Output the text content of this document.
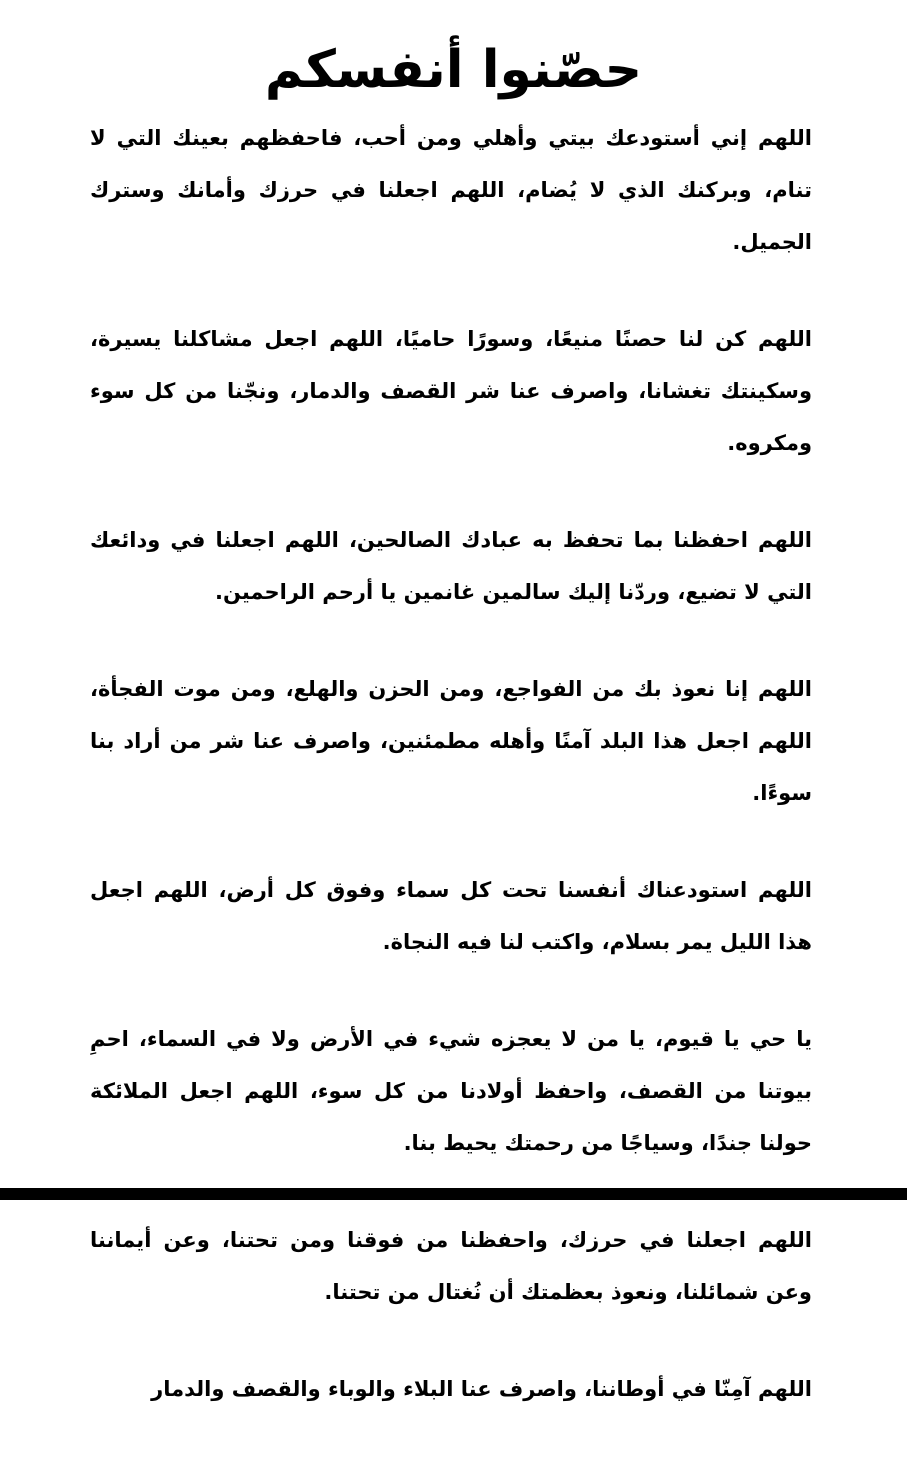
حصّنوا أنفسكم

اللهم إني أستودعك بيتي وأهلي ومن أحب، فاحفظهم بعينك التي لا تنام، وبركنك الذي لا يُضام، اللهم اجعلنا في حرزك وأمانك وسترك الجميل.

اللهم كن لنا حصنًا منيعًا، وسورًا حاميًا، اللهم اجعل مشاكلنا يسيرة، وسكينتك تغشانا، واصرف عنا شر القصف والدمار، ونجّنا من كل سوء ومكروه.

اللهم احفظنا بما تحفظ به عبادك الصالحين، اللهم اجعلنا في ودائعك التي لا تضيع، وردّنا إليك سالمين غانمين يا أرحم الراحمين.

اللهم إنا نعوذ بك من الفواجع، ومن الحزن والهلع، ومن موت الفجأة، اللهم اجعل هذا البلد آمنًا وأهله مطمئنين، واصرف عنا شر من أراد بنا سوءًا.

اللهم استودعناك أنفسنا تحت كل سماء وفوق كل أرض، اللهم اجعل هذا الليل يمر بسلام، واكتب لنا فيه النجاة.

يا حي يا قيوم، يا من لا يعجزه شيء في الأرض ولا في السماء، احمِ بيوتنا من القصف، واحفظ أولادنا من كل سوء، اللهم اجعل الملائكة حولنا جندًا، وسياجًا من رحمتك يحيط بنا.

اللهم اجعلنا في حرزك، واحفظنا من فوقنا ومن تحتنا، وعن أيماننا وعن شمائلنا، ونعوذ بعظمتك أن نُغتال من تحتنا.

اللهم آمِنّا في أوطاننا، واصرف عنا البلاء والوباء والقصف والدمار
